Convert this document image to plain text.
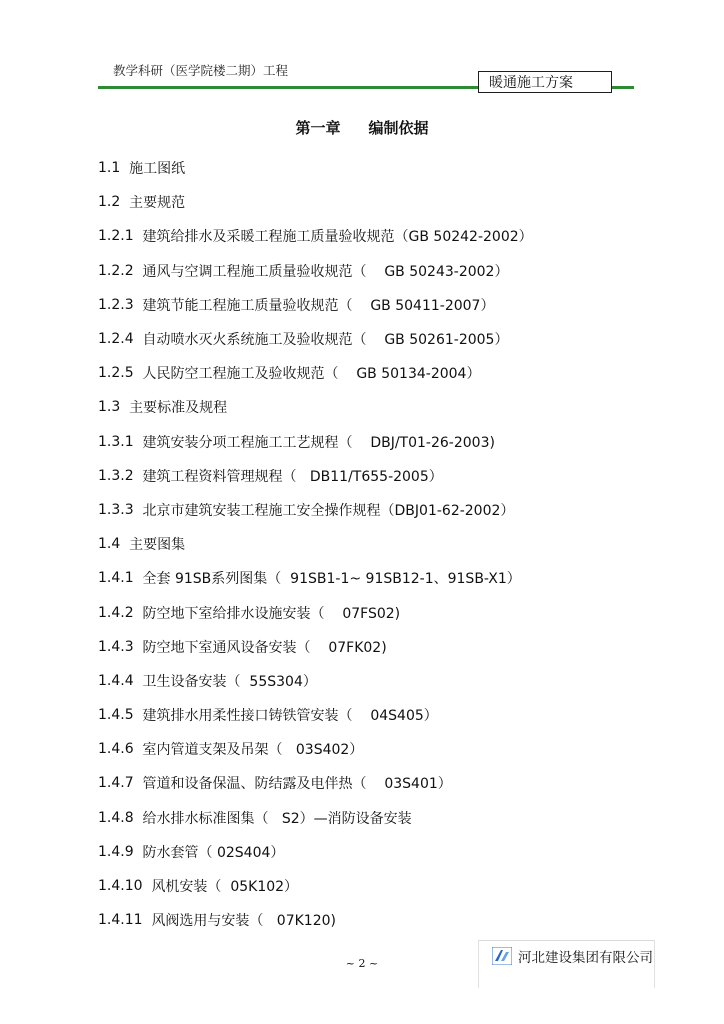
教学科研（医学院楼二期）工程
暖通施工方案
第一章 编制依据
1.1 施工图纸
1.2 主要规范
1.2.1 建筑给排水及采暖工程施工质量验收规范（GB 50242-2002）
1.2.2 通风与空调工程施工质量验收规范（    GB 50243-2002）
1.2.3 建筑节能工程施工质量验收规范（    GB 50411-2007）
1.2.4 自动喷水灭火系统施工及验收规范（    GB 50261-2005）
1.2.5 人民防空工程施工及验收规范（    GB 50134-2004）
1.3 主要标准及规程
1.3.1 建筑安装分项工程施工工艺规程（    DBJ/T01-26-2003)
1.3.2 建筑工程资料管理规程（   DB11/T655-2005）
1.3.3 北京市建筑安装工程施工安全操作规程（DBJ01-62-2002）
1.4 主要图集
1.4.1 全套 91SB系列图集（  91SB1-1~ 91SB12-1、91SB-X1）
1.4.2 防空地下室给排水设施安装（    07FS02)
1.4.3 防空地下室通风设备安装（    07FK02)
1.4.4 卫生设备安装（  55S304）
1.4.5 建筑排水用柔性接口铸铁管安装（    04S405）
1.4.6 室内管道支架及吊架（   03S402）
1.4.7 管道和设备保温、防结露及电伴热（    03S401）
1.4.8 给水排水标准图集（   S2）—消防设备安装
1.4.9 防水套管（ 02S404）
1.4.10 风机安装（  05K102）
1.4.11 风阀选用与安装（   07K120)
~ 2 ~	河北建设集团有限公司
